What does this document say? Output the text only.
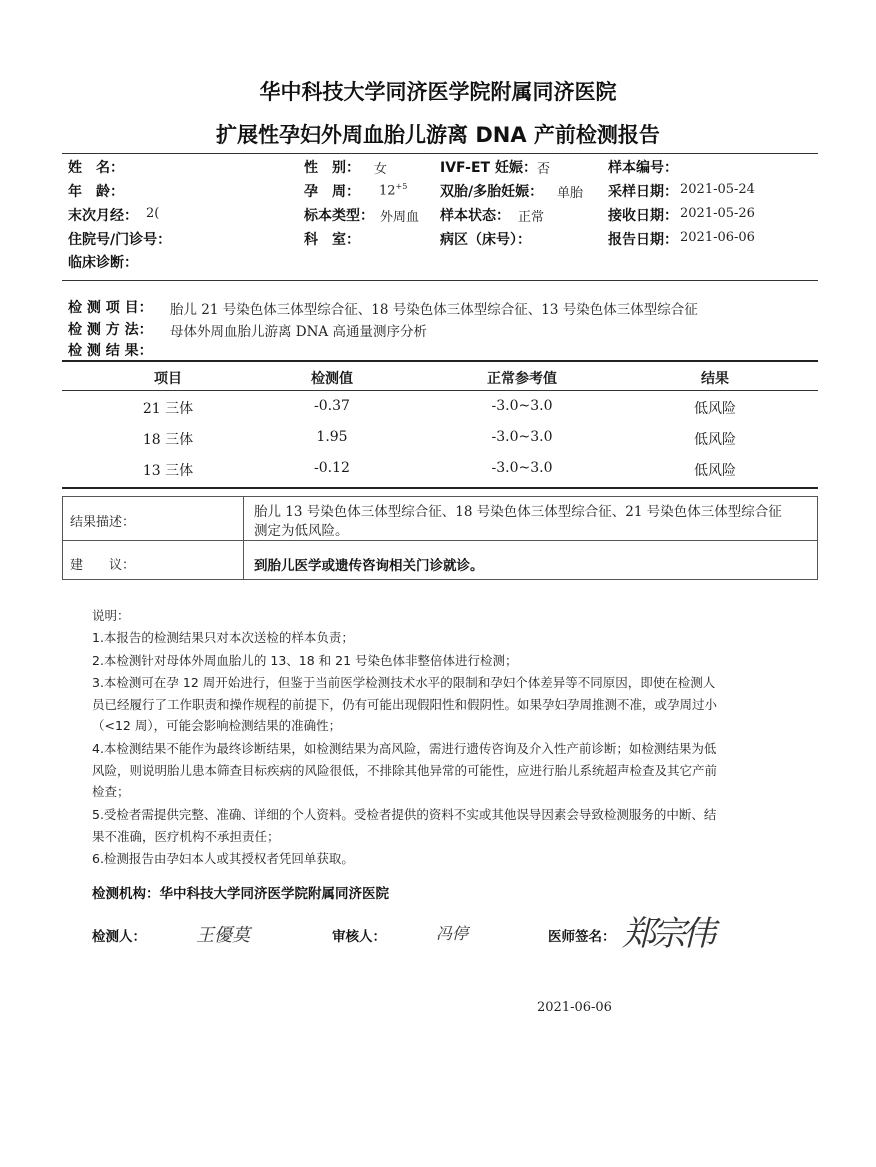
华中科技大学同济医学院附属同济医院
扩展性孕妇外周血胎儿游离 DNA 产前检测报告
姓　名：	性　别： 女	IVF-ET 妊娠： 否	样本编号：
年　龄：	孕　周： $12^{+5}$ 双胎/多胎妊娠： 单胎 采样日期： 2021-05-24
末次月经： 2(	标本类型： 外周血 样本状态： 正常	接收日期： 2021-05-26
住院号/门诊号：	科　室：	病区（床号）：	报告日期： 2021-06-06
临床诊断：
检 测 项 目： 胎儿 21 号染色体三体型综合征、18 号染色体三体型综合征、13 号染色体三体型综合征
检 测 方 法： 母体外周血胎儿游离 DNA 高通量测序分析
检 测 结 果：
项目	检测值	正常参考值	结果
21 三体	-0.37	-3.0~3.0	低风险
18 三体	1.95	-3.0~3.0	低风险
13 三体	-0.12	-3.0~3.0	低风险
结果描述：
胎儿 13 号染色体三体型综合征、18 号染色体三体型综合征、21 号染色体三体型综合征
测定为低风险。
建　　议：	到胎儿医学或遗传咨询相关门诊就诊。
说明：
1.本报告的检测结果只对本次送检的样本负责；
2.本检测针对母体外周血胎儿的 13、18 和 21 号染色体非整倍体进行检测；
3.本检测可在孕 12 周开始进行，但鉴于当前医学检测技术水平的限制和孕妇个体差异等不同原因，即使在检测人
员已经履行了工作职责和操作规程的前提下，仍有可能出现假阳性和假阴性。如果孕妇孕周推测不准，或孕周过小
（<12 周），可能会影响检测结果的准确性；
4.本检测结果不能作为最终诊断结果，如检测结果为高风险，需进行遗传咨询及介入性产前诊断；如检测结果为低
风险，则说明胎儿患本筛查目标疾病的风险很低，不排除其他异常的可能性，应进行胎儿系统超声检查及其它产前
检查；
5.受检者需提供完整、准确、详细的个人资料。受检者提供的资料不实或其他误导因素会导致检测服务的中断、结
果不准确，医疗机构不承担责任；
6.检测报告由孕妇本人或其授权者凭回单获取。
检测机构：华中科技大学同济医学院附属同济医院
检测人：	王優莫	审核人：	冯停	医师签名： 郑宗伟
2021-06-06
